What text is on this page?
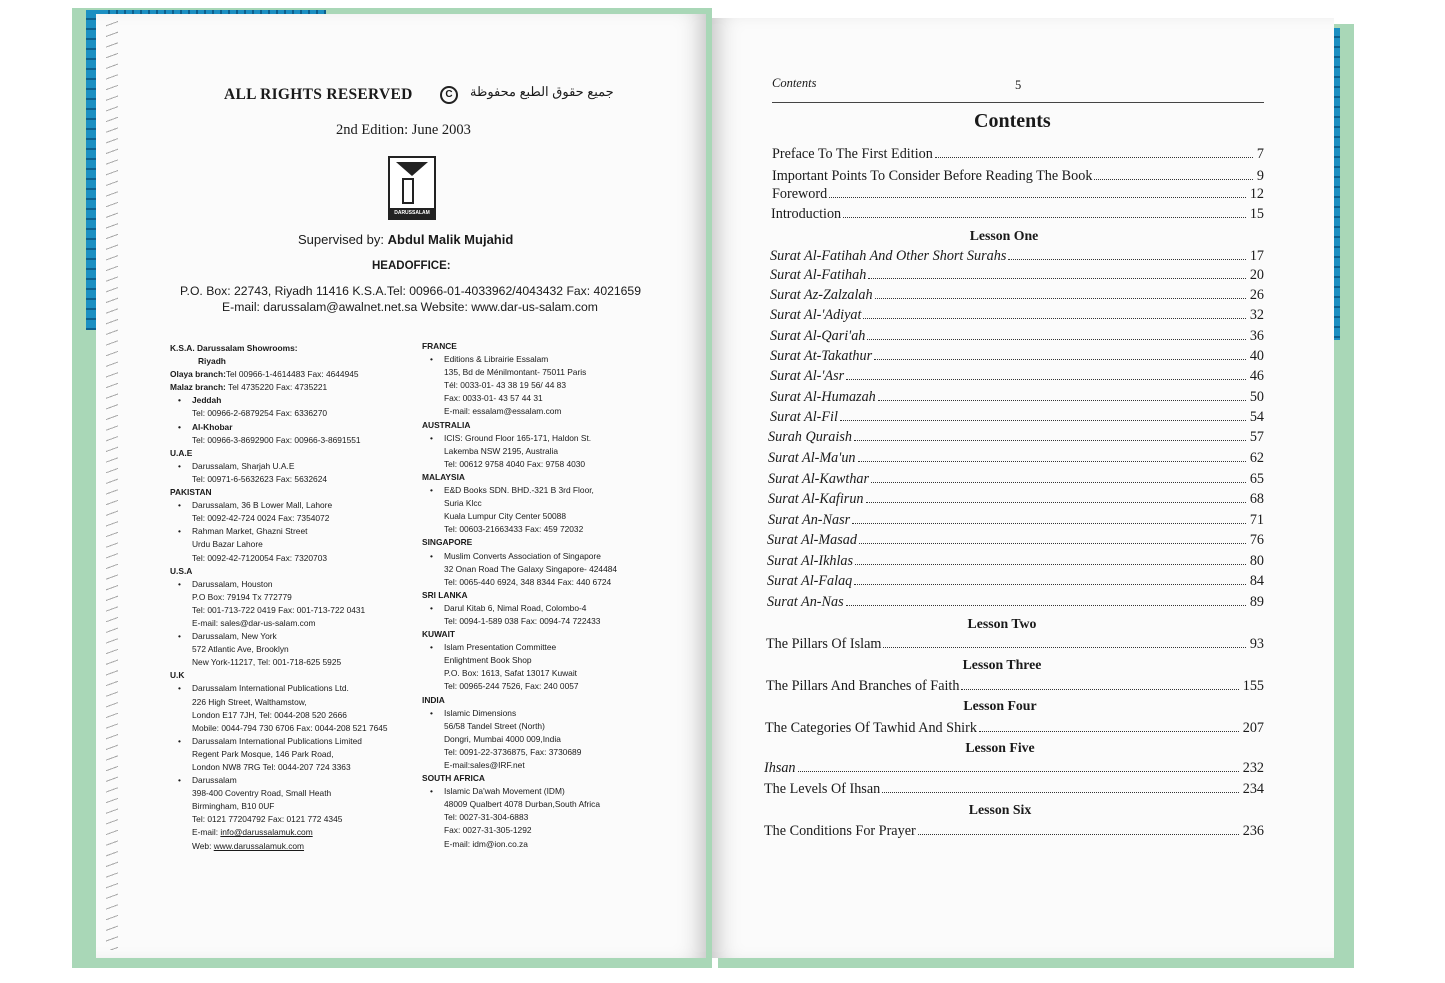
ALL RIGHTS RESERVED	C	جميع حقوق الطبع محفوظة
2nd Edition: June 2003
DARUSSALAM
Supervised by: Abdul Malik Mujahid
HEADOFFICE:
P.O. Box: 22743, Riyadh 11416 K.S.A.Tel: 00966-01-4033962/4043432 Fax: 4021659
E-mail: darussalam@awalnet.net.sa Website: www.dar-us-salam.com
K.S.A. Darussalam Showrooms:
Riyadh
Olaya branch:Tel 00966-1-4614483 Fax: 4644945
Malaz branch: Tel 4735220 Fax: 4735221
• Jeddah
Tel: 00966-2-6879254 Fax: 6336270
• Al-Khobar
Tel: 00966-3-8692900 Fax: 00966-3-8691551
U.A.E
• Darussalam, Sharjah U.A.E
Tel: 00971-6-5632623 Fax: 5632624
PAKISTAN
• Darussalam, 36 B Lower Mall, Lahore
Tel: 0092-42-724 0024 Fax: 7354072
• Rahman Market, Ghazni Street
Urdu Bazar Lahore
Tel: 0092-42-7120054 Fax: 7320703
U.S.A
• Darussalam, Houston
P.O Box: 79194 Tx 772779
Tel: 001-713-722 0419 Fax: 001-713-722 0431
E-mail: sales@dar-us-salam.com
• Darussalam, New York
572 Atlantic Ave, Brooklyn
New York-11217, Tel: 001-718-625 5925
U.K
• Darussalam International Publications Ltd.
226 High Street, Walthamstow,
London E17 7JH, Tel: 0044-208 520 2666
Mobile: 0044-794 730 6706 Fax: 0044-208 521 7645
• Darussalam International Publications Limited
Regent Park Mosque, 146 Park Road,
London NW8 7RG Tel: 0044-207 724 3363
• Darussalam
398-400 Coventry Road, Small Heath
Birmingham, B10 0UF
Tel: 0121 77204792 Fax: 0121 772 4345
E-mail: info@darussalamuk.com
Web: www.darussalamuk.com
FRANCE
• Editions & Librairie Essalam
135, Bd de Ménilmontant- 75011 Paris
Tél: 0033-01- 43 38 19 56/ 44 83
Fax: 0033-01- 43 57 44 31
E-mail: essalam@essalam.com
AUSTRALIA
• ICIS: Ground Floor 165-171, Haldon St.
Lakemba NSW 2195, Australia
Tel: 00612 9758 4040 Fax: 9758 4030
MALAYSIA
• E&D Books SDN. BHD.-321 B 3rd Floor,
Suria Klcc
Kuala Lumpur City Center 50088
Tel: 00603-21663433 Fax: 459 72032
SINGAPORE
• Muslim Converts Association of Singapore
32 Onan Road The Galaxy Singapore- 424484
Tel: 0065-440 6924, 348 8344 Fax: 440 6724
SRI LANKA
• Darul Kitab 6, Nimal Road, Colombo-4
Tel: 0094-1-589 038 Fax: 0094-74 722433
KUWAIT
• Islam Presentation Committee
Enlightment Book Shop
P.O. Box: 1613, Safat 13017 Kuwait
Tel: 00965-244 7526, Fax: 240 0057
INDIA
• Islamic Dimensions
56/58 Tandel Street (North)
Dongri, Mumbai 4000 009,India
Tel: 0091-22-3736875, Fax: 3730689
E-mail:sales@IRF.net
SOUTH AFRICA
• Islamic Da'wah Movement (IDM)
48009 Qualbert 4078 Durban,South Africa
Tel: 0027-31-304-6883
Fax: 0027-31-305-1292
E-mail: idm@ion.co.za
Contents	5
Contents
Preface To The First Edition	7
Important Points To Consider Before Reading The Book	9
Foreword	12
Introduction	15
Surat Al-Fatihah And Other Short Surahs	17
Surat Al-Fatihah	20
Surat Az-Zalzalah	26
Surat Al-'Adiyat	32
Surat Al-Qari'ah	36
Surat At-Takathur	40
Surat Al-'Asr	46
Surat Al-Humazah	50
Surat Al-Fil	54
Surah Quraish	57
Surat Al-Ma'un	62
Surat Al-Kawthar	65
Surat Al-Kafirun	68
Surat An-Nasr	71
Surat Al-Masad	76
Surat Al-Ikhlas	80
Surat Al-Falaq	84
Surat An-Nas	89
The Pillars Of Islam	93
The Pillars And Branches of Faith	155
The Categories Of Tawhid And Shirk	207
Ihsan	232
The Levels Of Ihsan	234
The Conditions For Prayer	236
Lesson One
Lesson Two
Lesson Three
Lesson Four
Lesson Five
Lesson Six
